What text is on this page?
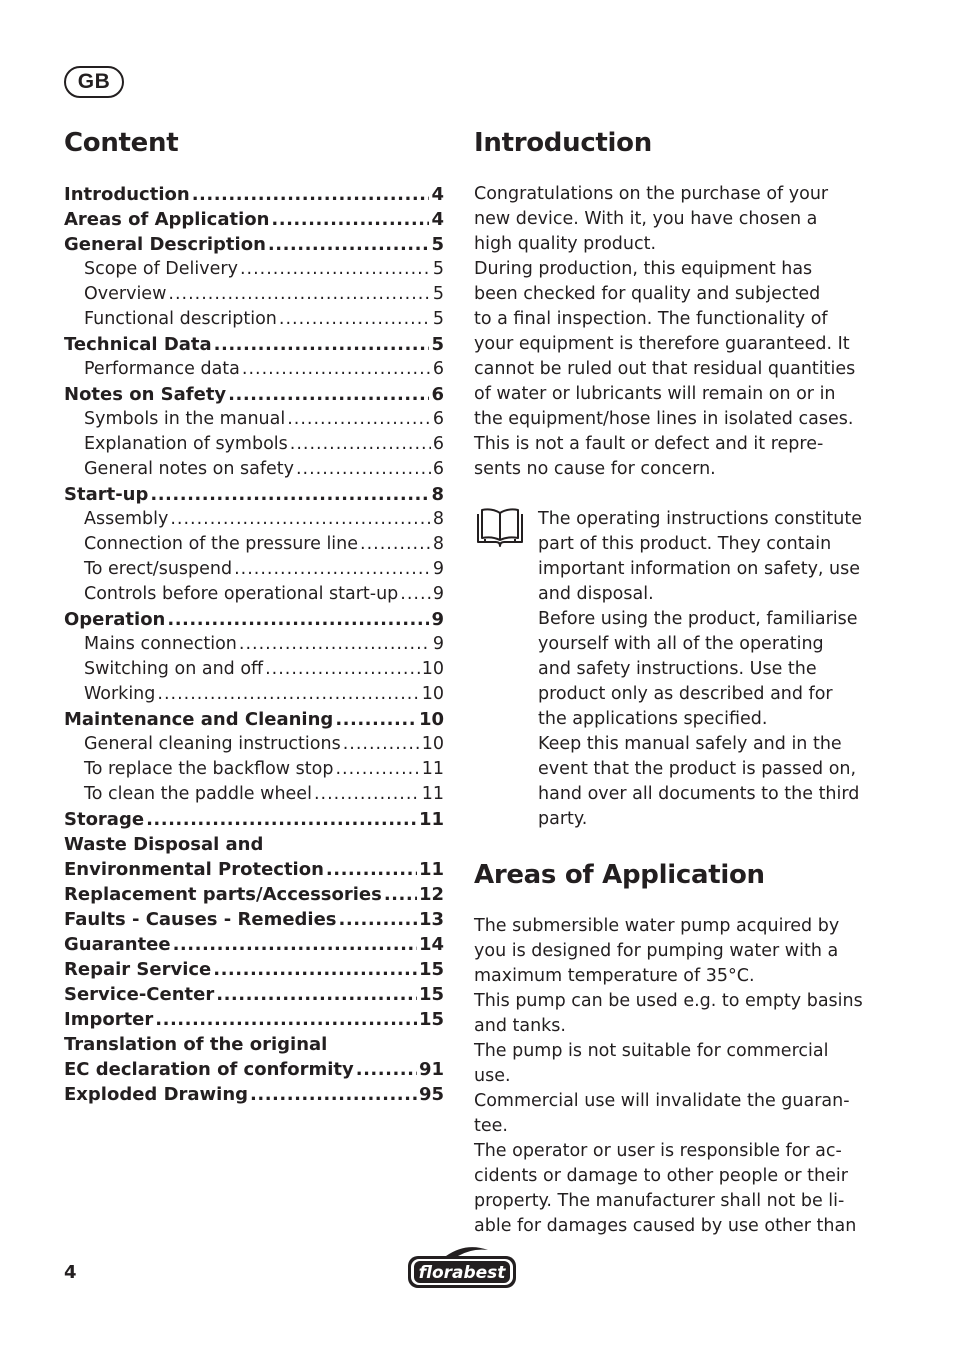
GB
Content
Introduction .....	4
Areas of Application .....	4
General Description .....	5
Scope of Delivery .....	5
Overview .....	5
Functional description .....	5
Technical Data .....	5
Performance data .....	6
Notes on Safety .....	6
Symbols in the manual .....	6
Explanation of symbols .....	6
General notes on safety .....	6
Start-up .....	8
Assembly .....	8
Connection of the pressure line .....	8
To erect/suspend .....	9
Controls before operational start-up ..... 9
Operation .....	9
Mains connection .....	9
Switching on and off .....	10
Working .....	10
Maintenance and Cleaning .....	10
General cleaning instructions .....	10
To replace the backflow stop .....	11
To clean the paddle wheel .....	11
Storage .....	11
Waste Disposal and
Environmental Protection .....	11
Replacement parts/Accessories ..... 12
Faults - Causes - Remedies .....	13
Guarantee .....	14
Repair Service .....	15
Service-Center .....	15
Importer .....	15
Translation of the original
EC declaration of conformity .....	91
Exploded Drawing .....	95
Introduction

Congratulations on the purchase of your

new device. With it, you have chosen a

high quality product.

During production, this equipment has

been checked for quality and subjected

to a final inspection. The functionality of

your equipment is therefore guaranteed. It

cannot be ruled out that residual quantities

of water or lubricants will remain on or in

the equipment/hose lines in isolated cases.

This is not a fault or defect and it repre-

sents no cause for concern.

The operating instructions constitute

part of this product. They contain

important information on safety, use

and disposal.

Before using the product, familiarise

yourself with all of the operating

and safety instructions. Use the

product only as described and for

the applications specified.

Keep this manual safely and in the

event that the product is passed on,

hand over all documents to the third

party.

Areas of Application

The submersible water pump acquired by

you is designed for pumping water with a

maximum temperature of 35°C.

This pump can be used e.g. to empty basins

and tanks.

The pump is not suitable for commercial use.

Commercial use will invalidate the guaran-

tee.

The operator or user is responsible for ac-

cidents or damage to other people or their

property. The manufacturer shall not be li-

able for damages caused by use other than

4	florabest
